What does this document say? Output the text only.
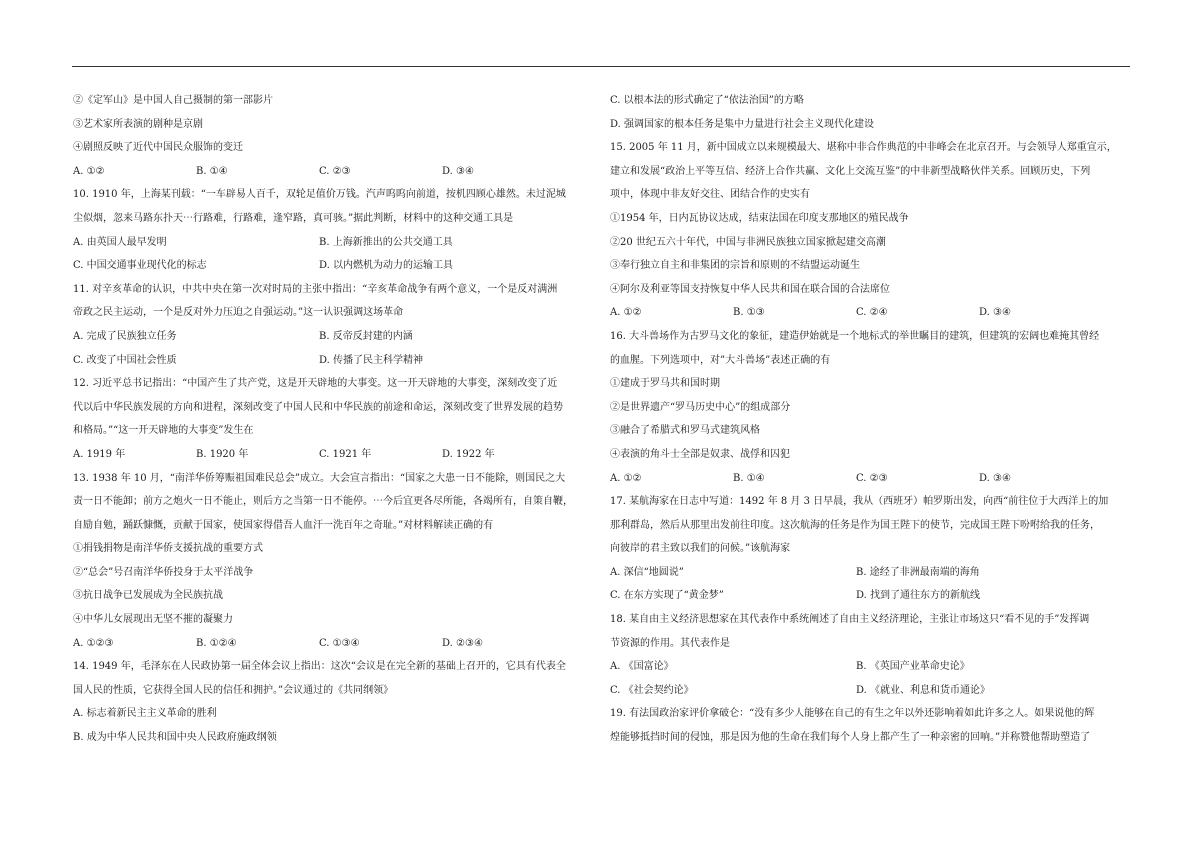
②《定军山》是中国人自己摄制的第一部影片
③艺术家所表演的剧种是京剧
④剧照反映了近代中国民众服饰的变迁
A. ①②	B. ①④	C. ②③	D. ③④
10. 1910 年，上海某刊载：“一车辟易人百千，双轮足值价万钱。汽声呜呜向前道，按机四顾心雄然。未过泥城
尘似烟，忽来马路东扑天⋯行路难，行路难，逢窄路，真可骇。”据此判断，材料中的这种交通工具是
A. 由英国人最早发明	B. 上海新推出的公共交通工具
C. 中国交通事业现代化的标志	D. 以内燃机为动力的运输工具
11. 对辛亥革命的认识，中共中央在第一次对时局的主张中指出：“辛亥革命战争有两个意义，一个是反对满洲
帝政之民主运动，一个是反对外力压迫之自强运动。”这一认识强调这场革命
A. 完成了民族独立任务	B. 反帝反封建的内涵
C. 改变了中国社会性质	D. 传播了民主科学精神
12. 习近平总书记指出：“中国产生了共产党，这是开天辟地的大事变。这一开天辟地的大事变，深刻改变了近
代以后中华民族发展的方向和进程，深刻改变了中国人民和中华民族的前途和命运，深刻改变了世界发展的趋势
和格局。”“这一开天辟地的大事变”发生在
A. 1919 年	B. 1920 年	C. 1921 年	D. 1922 年
13. 1938 年 10 月，“南洋华侨筹赈祖国难民总会”成立。大会宣言指出：“国家之大患一日不能除，则国民之大
责一日不能卸；前方之炮火一日不能止，则后方之当第一日不能停。⋯今后宜更各尽所能，各竭所有，自策自鞭，
自励自勉，踊跃慷慨，贡献于国家，使国家得借吾人血汗一洗百年之奇耻。”对材料解读正确的有
①捐钱捐物是南洋华侨支援抗战的重要方式
②“总会”号召南洋华侨投身于太平洋战争
③抗日战争已发展成为全民族抗战
④中华儿女展现出无坚不摧的凝聚力
A. ①②③	B. ①②④	C. ①③④	D. ②③④
14. 1949 年，毛泽东在人民政协第一届全体会议上指出：这次“会议是在完全新的基础上召开的，它具有代表全
国人民的性质，它获得全国人民的信任和拥护。”会议通过的《共同纲领》
A. 标志着新民主主义革命的胜利
B. 成为中华人民共和国中央人民政府施政纲领
C. 以根本法的形式确定了“依法治国”的方略
D. 强调国家的根本任务是集中力量进行社会主义现代化建设
15. 2005 年 11 月，新中国成立以来规模最大、堪称中非合作典范的中非峰会在北京召开。与会领导人郑重宣示，
建立和发展“政治上平等互信、经济上合作共赢、文化上交流互鉴”的中非新型战略伙伴关系。回顾历史，下列
项中，体现中非友好交往、团结合作的史实有
①1954 年，日内瓦协议达成，结束法国在印度支那地区的殖民战争
②20 世纪五六十年代，中国与非洲民族独立国家掀起建交高潮
③奉行独立自主和非集团的宗旨和原则的不结盟运动诞生
④阿尔及利亚等国支持恢复中华人民共和国在联合国的合法席位
A. ①②	B. ①③	C. ②④	D. ③④
16. 大斗兽场作为古罗马文化的象征，建造伊始就是一个地标式的举世瞩目的建筑，但建筑的宏阔也难掩其曾经
的血腥。下列选项中，对”大斗兽场”表述正确的有
①建成于罗马共和国时期
②是世界遗产“罗马历史中心”的组成部分
③融合了希腊式和罗马式建筑风格
④表演的角斗士全部是奴隶、战俘和囚犯
A. ①②	B. ①④	C. ②③	D. ③④
17. 某航海家在日志中写道：1492 年 8 月 3 日早晨，我从（西班牙）帕罗斯出发，向西“前往位于大西洋上的加
那利群岛，然后从那里出发前往印度。这次航海的任务是作为国王陛下的使节，完成国王陛下吩咐给我的任务，
向彼岸的君主致以我们的问候。”该航海家
A. 深信“地圆说”	B. 途经了非洲最南端的海角
C. 在东方实现了“黄金梦”	D. 找到了通往东方的新航线
18. 某自由主义经济思想家在其代表作中系统阐述了自由主义经济理论，主张让市场这只“看不见的手”发挥调
节资源的作用。其代表作是
A. 《国富论》	B. 《英国产业革命史论》
C. 《社会契约论》	D. 《就业、利息和货币通论》
19. 有法国政治家评价拿破仑：“没有多少人能够在自己的有生之年以外还影响着如此许多之人。如果说他的辉
煌能够抵挡时间的侵蚀，那是因为他的生命在我们每个人身上都产生了一种亲密的回响。”并称赞他帮助塑造了
